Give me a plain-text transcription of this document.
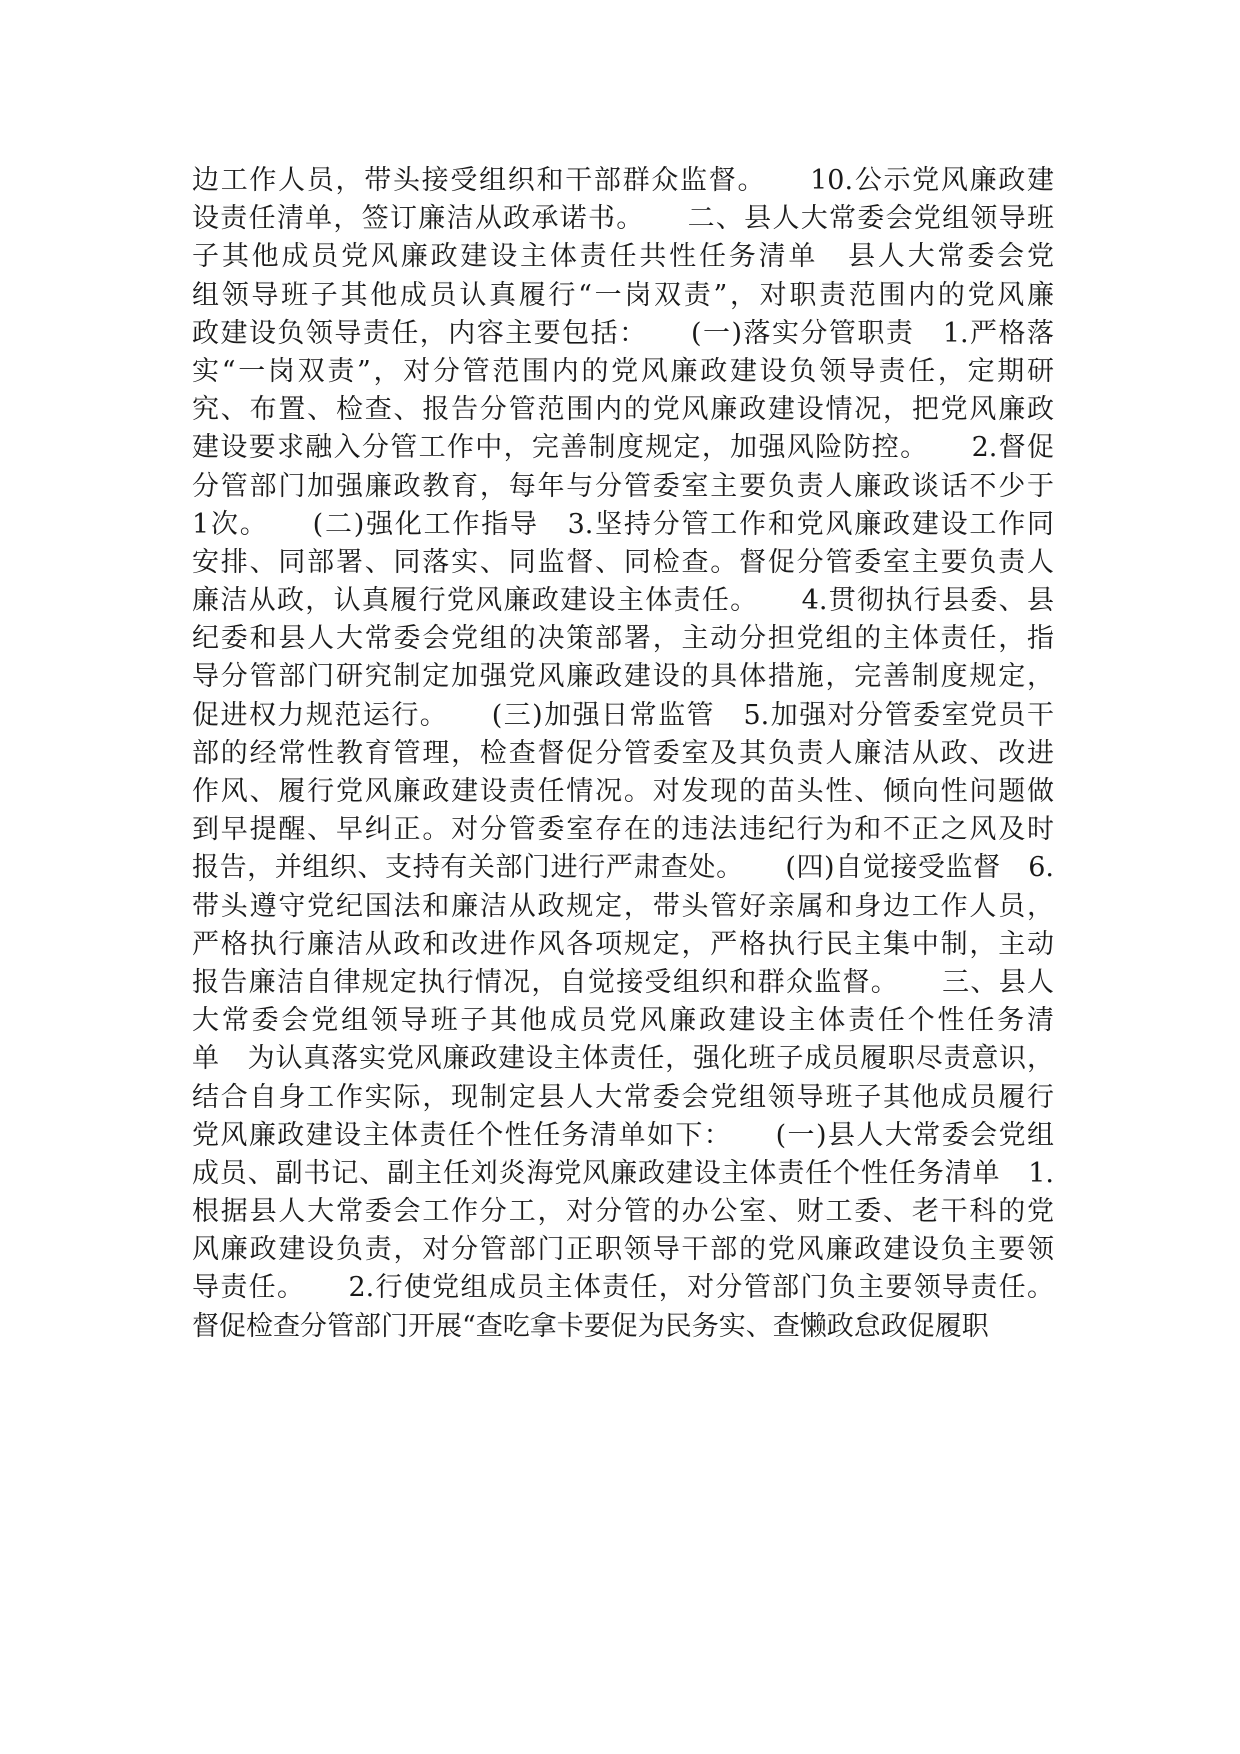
边工作人员，带头接受组织和干部群众监督。　　10.公示党风廉政建
设责任清单，签订廉洁从政承诺书。　　二、县人大常委会党组领导班
子其他成员党风廉政建设主体责任共性任务清单　县人大常委会党
组领导班子其他成员认真履行“一岗双责”，对职责范围内的党风廉
政建设负领导责任，内容主要包括：　　(一)落实分管职责　1.严格落
实“一岗双责”，对分管范围内的党风廉政建设负领导责任，定期研
究、布置、检查、报告分管范围内的党风廉政建设情况，把党风廉政
建设要求融入分管工作中，完善制度规定，加强风险防控。　　2.督促
分管部门加强廉政教育，每年与分管委室主要负责人廉政谈话不少于
1次。　　(二)强化工作指导　3.坚持分管工作和党风廉政建设工作同
安排、同部署、同落实、同监督、同检查。督促分管委室主要负责人
廉洁从政，认真履行党风廉政建设主体责任。　　4.贯彻执行县委、县
纪委和县人大常委会党组的决策部署，主动分担党组的主体责任，指
导分管部门研究制定加强党风廉政建设的具体措施，完善制度规定，
促进权力规范运行。　　(三)加强日常监管　5.加强对分管委室党员干
部的经常性教育管理，检查督促分管委室及其负责人廉洁从政、改进
作风、履行党风廉政建设责任情况。对发现的苗头性、倾向性问题做
到早提醒、早纠正。对分管委室存在的违法违纪行为和不正之风及时
报告，并组织、支持有关部门进行严肃查处。　　(四)自觉接受监督　6.
带头遵守党纪国法和廉洁从政规定，带头管好亲属和身边工作人员，
严格执行廉洁从政和改进作风各项规定，严格执行民主集中制，主动
报告廉洁自律规定执行情况，自觉接受组织和群众监督。　　三、县人
大常委会党组领导班子其他成员党风廉政建设主体责任个性任务清
单　为认真落实党风廉政建设主体责任，强化班子成员履职尽责意识，
结合自身工作实际，现制定县人大常委会党组领导班子其他成员履行
党风廉政建设主体责任个性任务清单如下：　　(一)县人大常委会党组
成员、副书记、副主任刘炎海党风廉政建设主体责任个性任务清单　1.
根据县人大常委会工作分工，对分管的办公室、财工委、老干科的党
风廉政建设负责，对分管部门正职领导干部的党风廉政建设负主要领
导责任。　　2.行使党组成员主体责任，对分管部门负主要领导责任。
督促检查分管部门开展“查吃拿卡要促为民务实、查懒政怠政促履职
